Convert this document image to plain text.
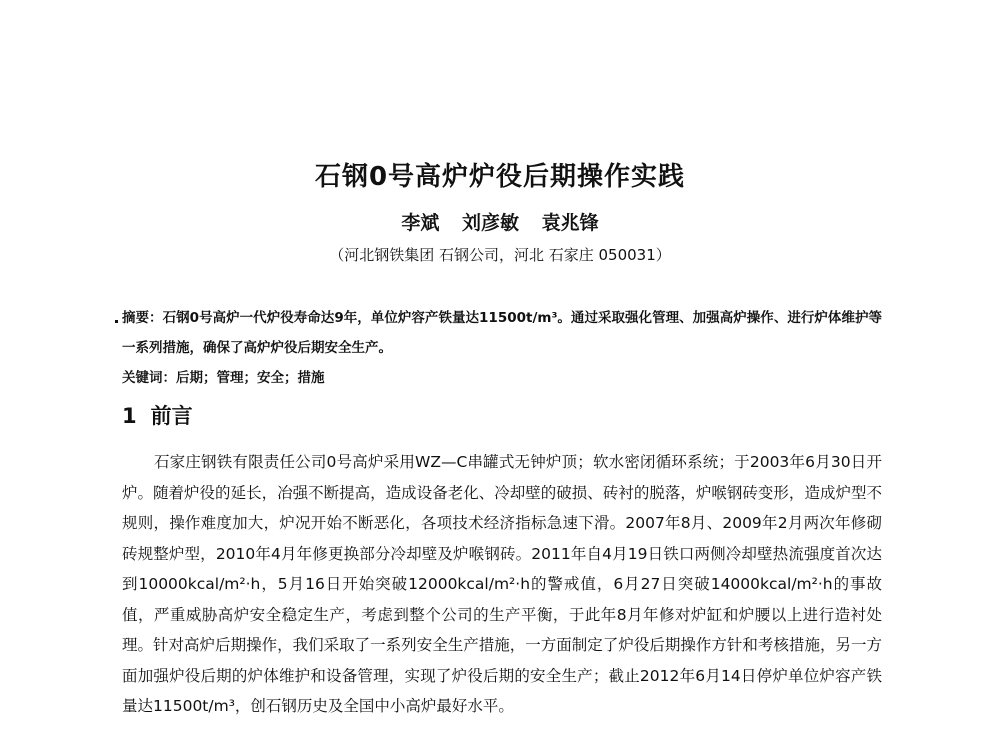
石钢0号高炉炉役后期操作实践
李斌 刘彦敏 袁兆锋
（河北钢铁集团 石钢公司，河北 石家庄 050031）
摘要：石钢0号高炉一代炉役寿命达9年，单位炉容产铁量达11500t/m³。通过采取强化管理、加强高炉操作、进行炉体维护等一系列措施，确保了高炉炉役后期安全生产。
关键词：后期；管理；安全；措施
1 前言
石家庄钢铁有限责任公司0号高炉采用WZ—C串罐式无钟炉顶；软水密闭循环系统；于2003年6月30日开炉。随着炉役的延长，冶强不断提高，造成设备老化、冷却壁的破损、砖衬的脱落，炉喉钢砖变形，造成炉型不规则，操作难度加大，炉况开始不断恶化，各项技术经济指标急速下滑。2007年8月、2009年2月两次年修砌砖规整炉型，2010年4月年修更换部分冷却壁及炉喉钢砖。2011年自4月19日铁口两侧冷却壁热流强度首次达到10000kcal/m²·h，5月16日开始突破12000kcal/m²·h的警戒值，6月27日突破14000kcal/m²·h的事故值，严重威胁高炉安全稳定生产，考虑到整个公司的生产平衡，于此年8月年修对炉缸和炉腰以上进行造衬处理。针对高炉后期操作，我们采取了一系列安全生产措施，一方面制定了炉役后期操作方针和考核措施，另一方面加强炉役后期的炉体维护和设备管理，实现了炉役后期的安全生产；截止2012年6月14日停炉单位炉容产铁量达11500t/m³，创石钢历史及全国中小高炉最好水平。
